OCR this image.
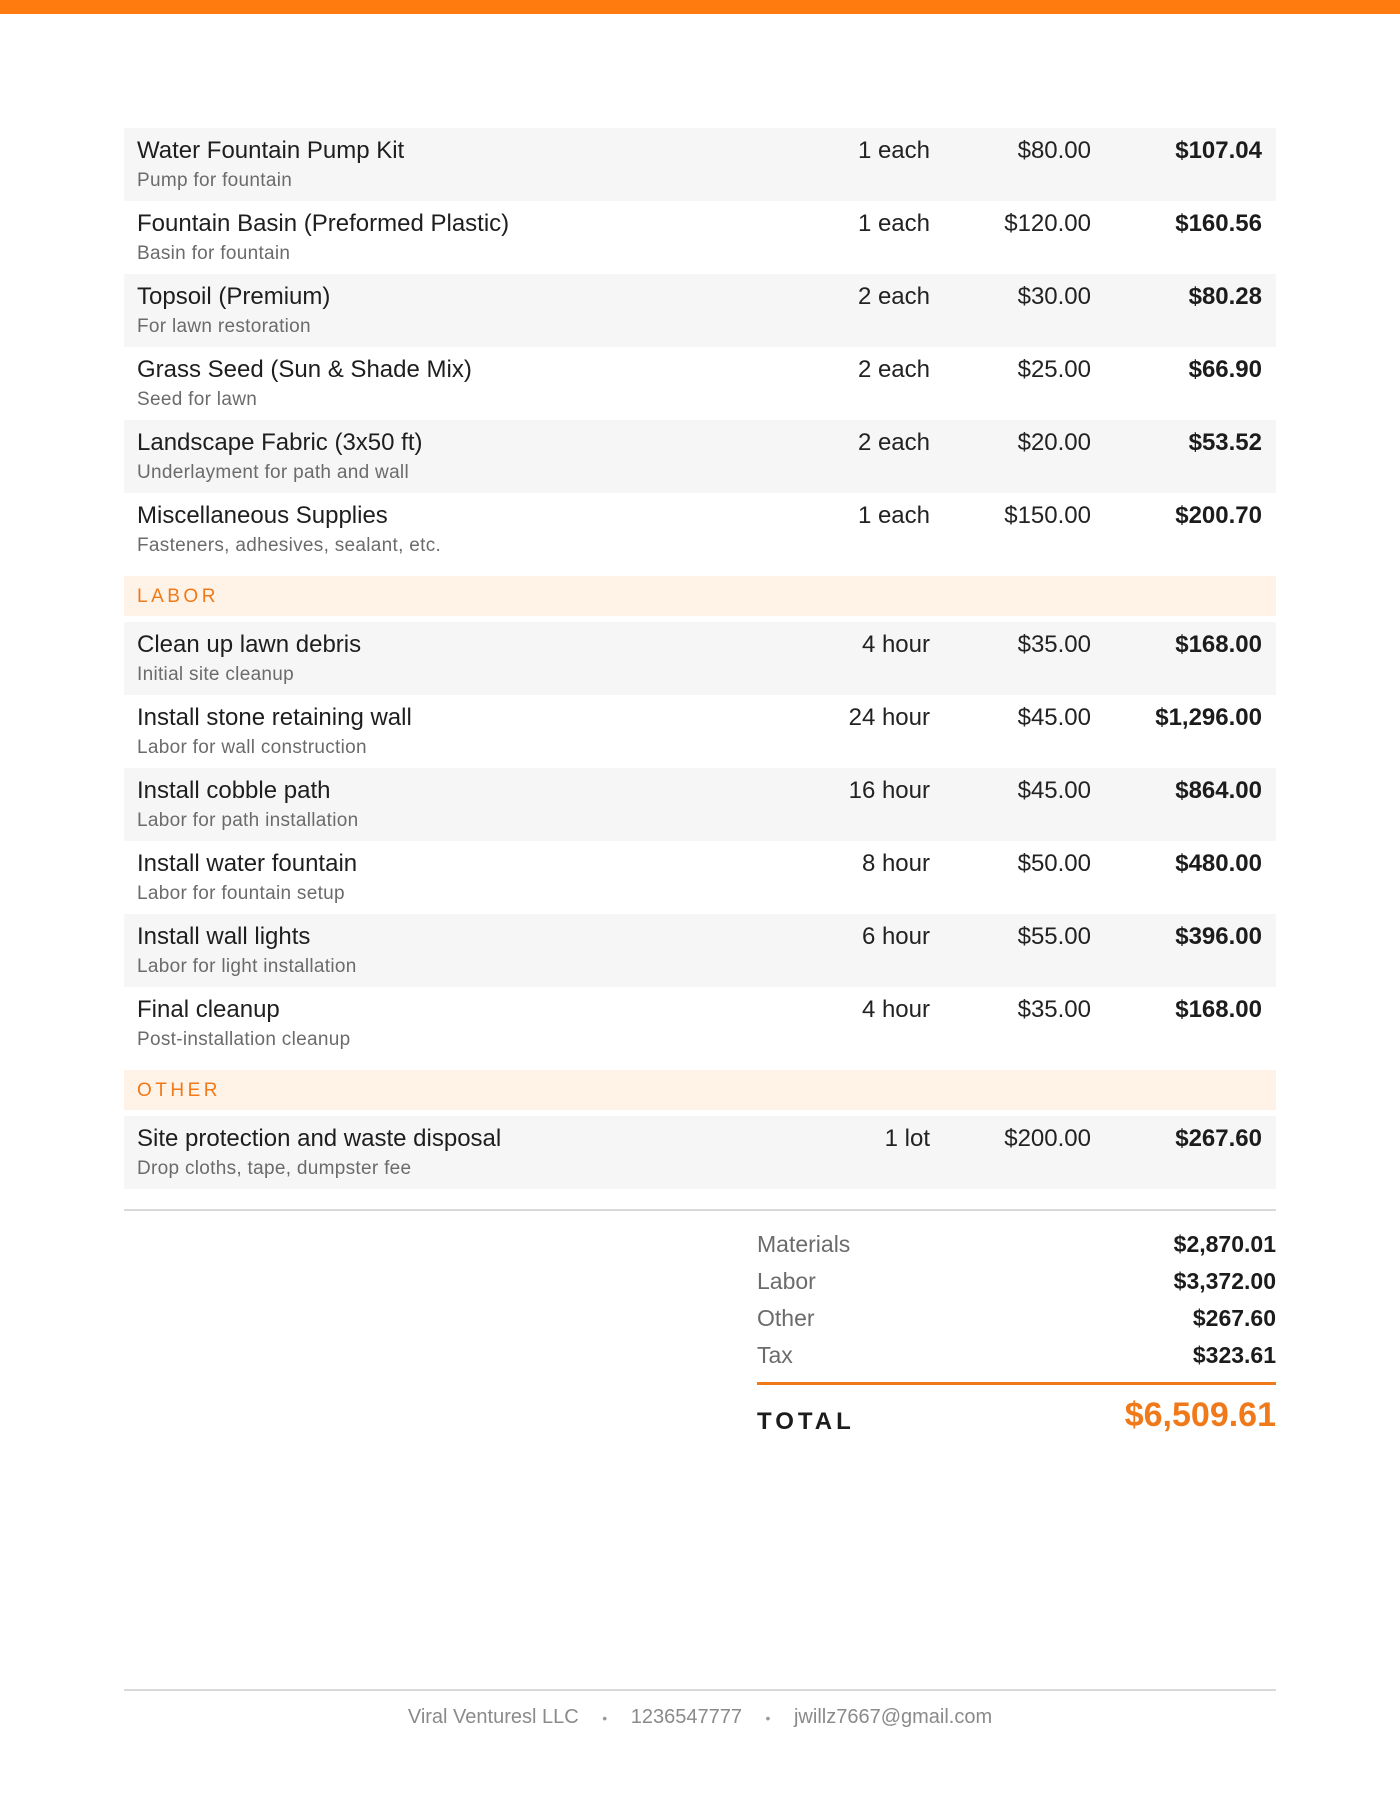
Water Fountain Pump Kit
Pump for fountain
1 each	$80.00	$107.04
Fountain Basin (Preformed Plastic)
Basin for fountain
1 each	$120.00	$160.56
Topsoil (Premium)
For lawn restoration
2 each	$30.00	$80.28
Grass Seed (Sun & Shade Mix)
Seed for lawn
2 each	$25.00	$66.90
Landscape Fabric (3x50 ft)
Underlayment for path and wall
2 each	$20.00	$53.52
Miscellaneous Supplies
Fasteners, adhesives, sealant, etc.
1 each	$150.00	$200.70
LABOR
Clean up lawn debris
Initial site cleanup
4 hour	$35.00	$168.00
Install stone retaining wall
Labor for wall construction
24 hour	$45.00	$1,296.00
Install cobble path
Labor for path installation
16 hour	$45.00	$864.00
Install water fountain
Labor for fountain setup
8 hour	$50.00	$480.00
Install wall lights
Labor for light installation
6 hour	$55.00	$396.00
Final cleanup
Post-installation cleanup
4 hour	$35.00	$168.00
OTHER
Site protection and waste disposal
Drop cloths, tape, dumpster fee
1 lot	$200.00	$267.60
Materials	$2,870.01
Labor	$3,372.00
Other	$267.60
Tax	$323.61
TOTAL	$6,509.61
Viral Venturesl LLC • 1236547777 • jwillz7667@gmail.com
